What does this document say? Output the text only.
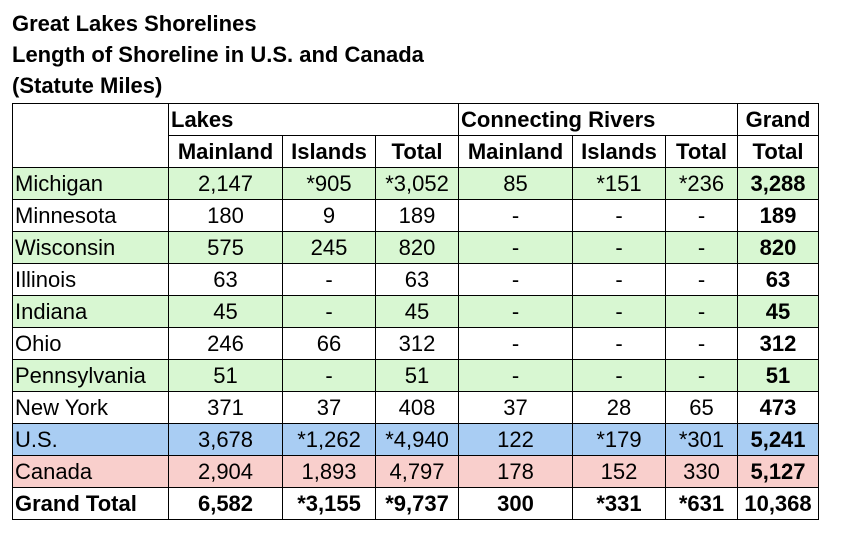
Great Lakes Shorelines
Length of Shoreline in U.S. and Canada
(Statute Miles)
	Lakes			Connecting Rivers			Grand
	Mainland	Islands	Total	Mainland	Islands	Total	Total
Michigan	2,147	*905	*3,052	85	*151	*236	3,288
Minnesota	180	9	189	-	-	-	189
Wisconsin	575	245	820	-	-	-	820
Illinois	63	-	63	-	-	-	63
Indiana	45	-	45	-	-	-	45
Ohio	246	66	312	-	-	-	312
Pennsylvania	51	-	51	-	-	-	51
New York	371	37	408	37	28	65	473
U.S.	3,678	*1,262	*4,940	122	*179	*301	5,241
Canada	2,904	1,893	4,797	178	152	330	5,127
Grand Total	6,582	*3,155	*9,737	300	*331	*631	10,368
